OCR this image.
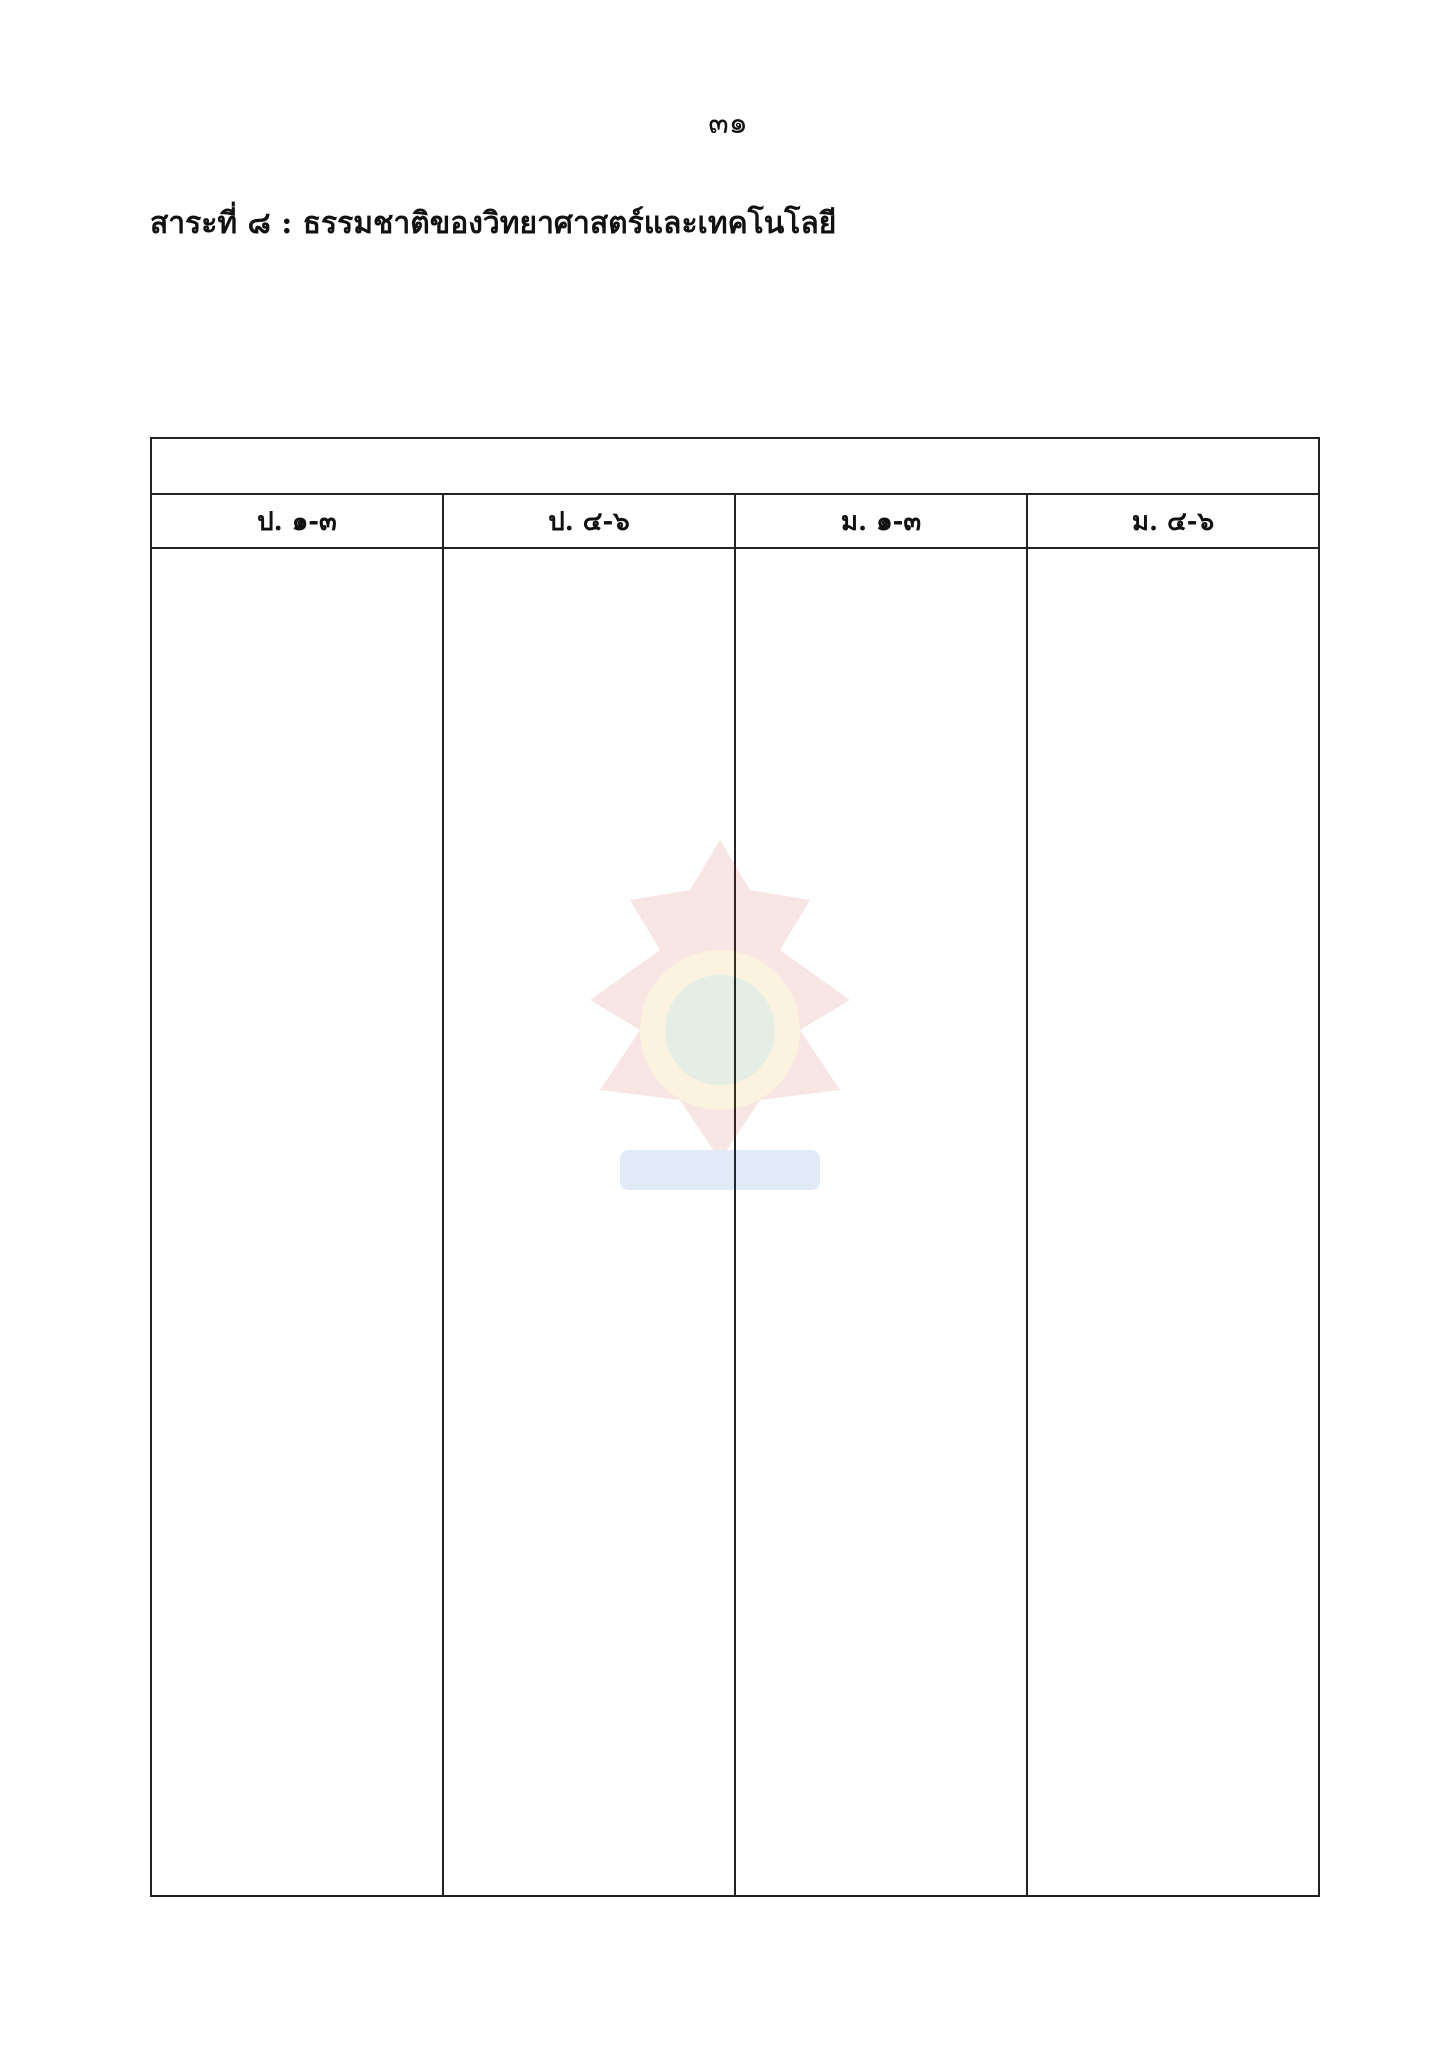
๓๑
สาระที่ ๘ : ธรรมชาติของวิทยาศาสตร์และเทคโนโลยี

ป. ๑-๓	ป. ๔-๖	ม. ๑-๓	ม. ๔-๖
